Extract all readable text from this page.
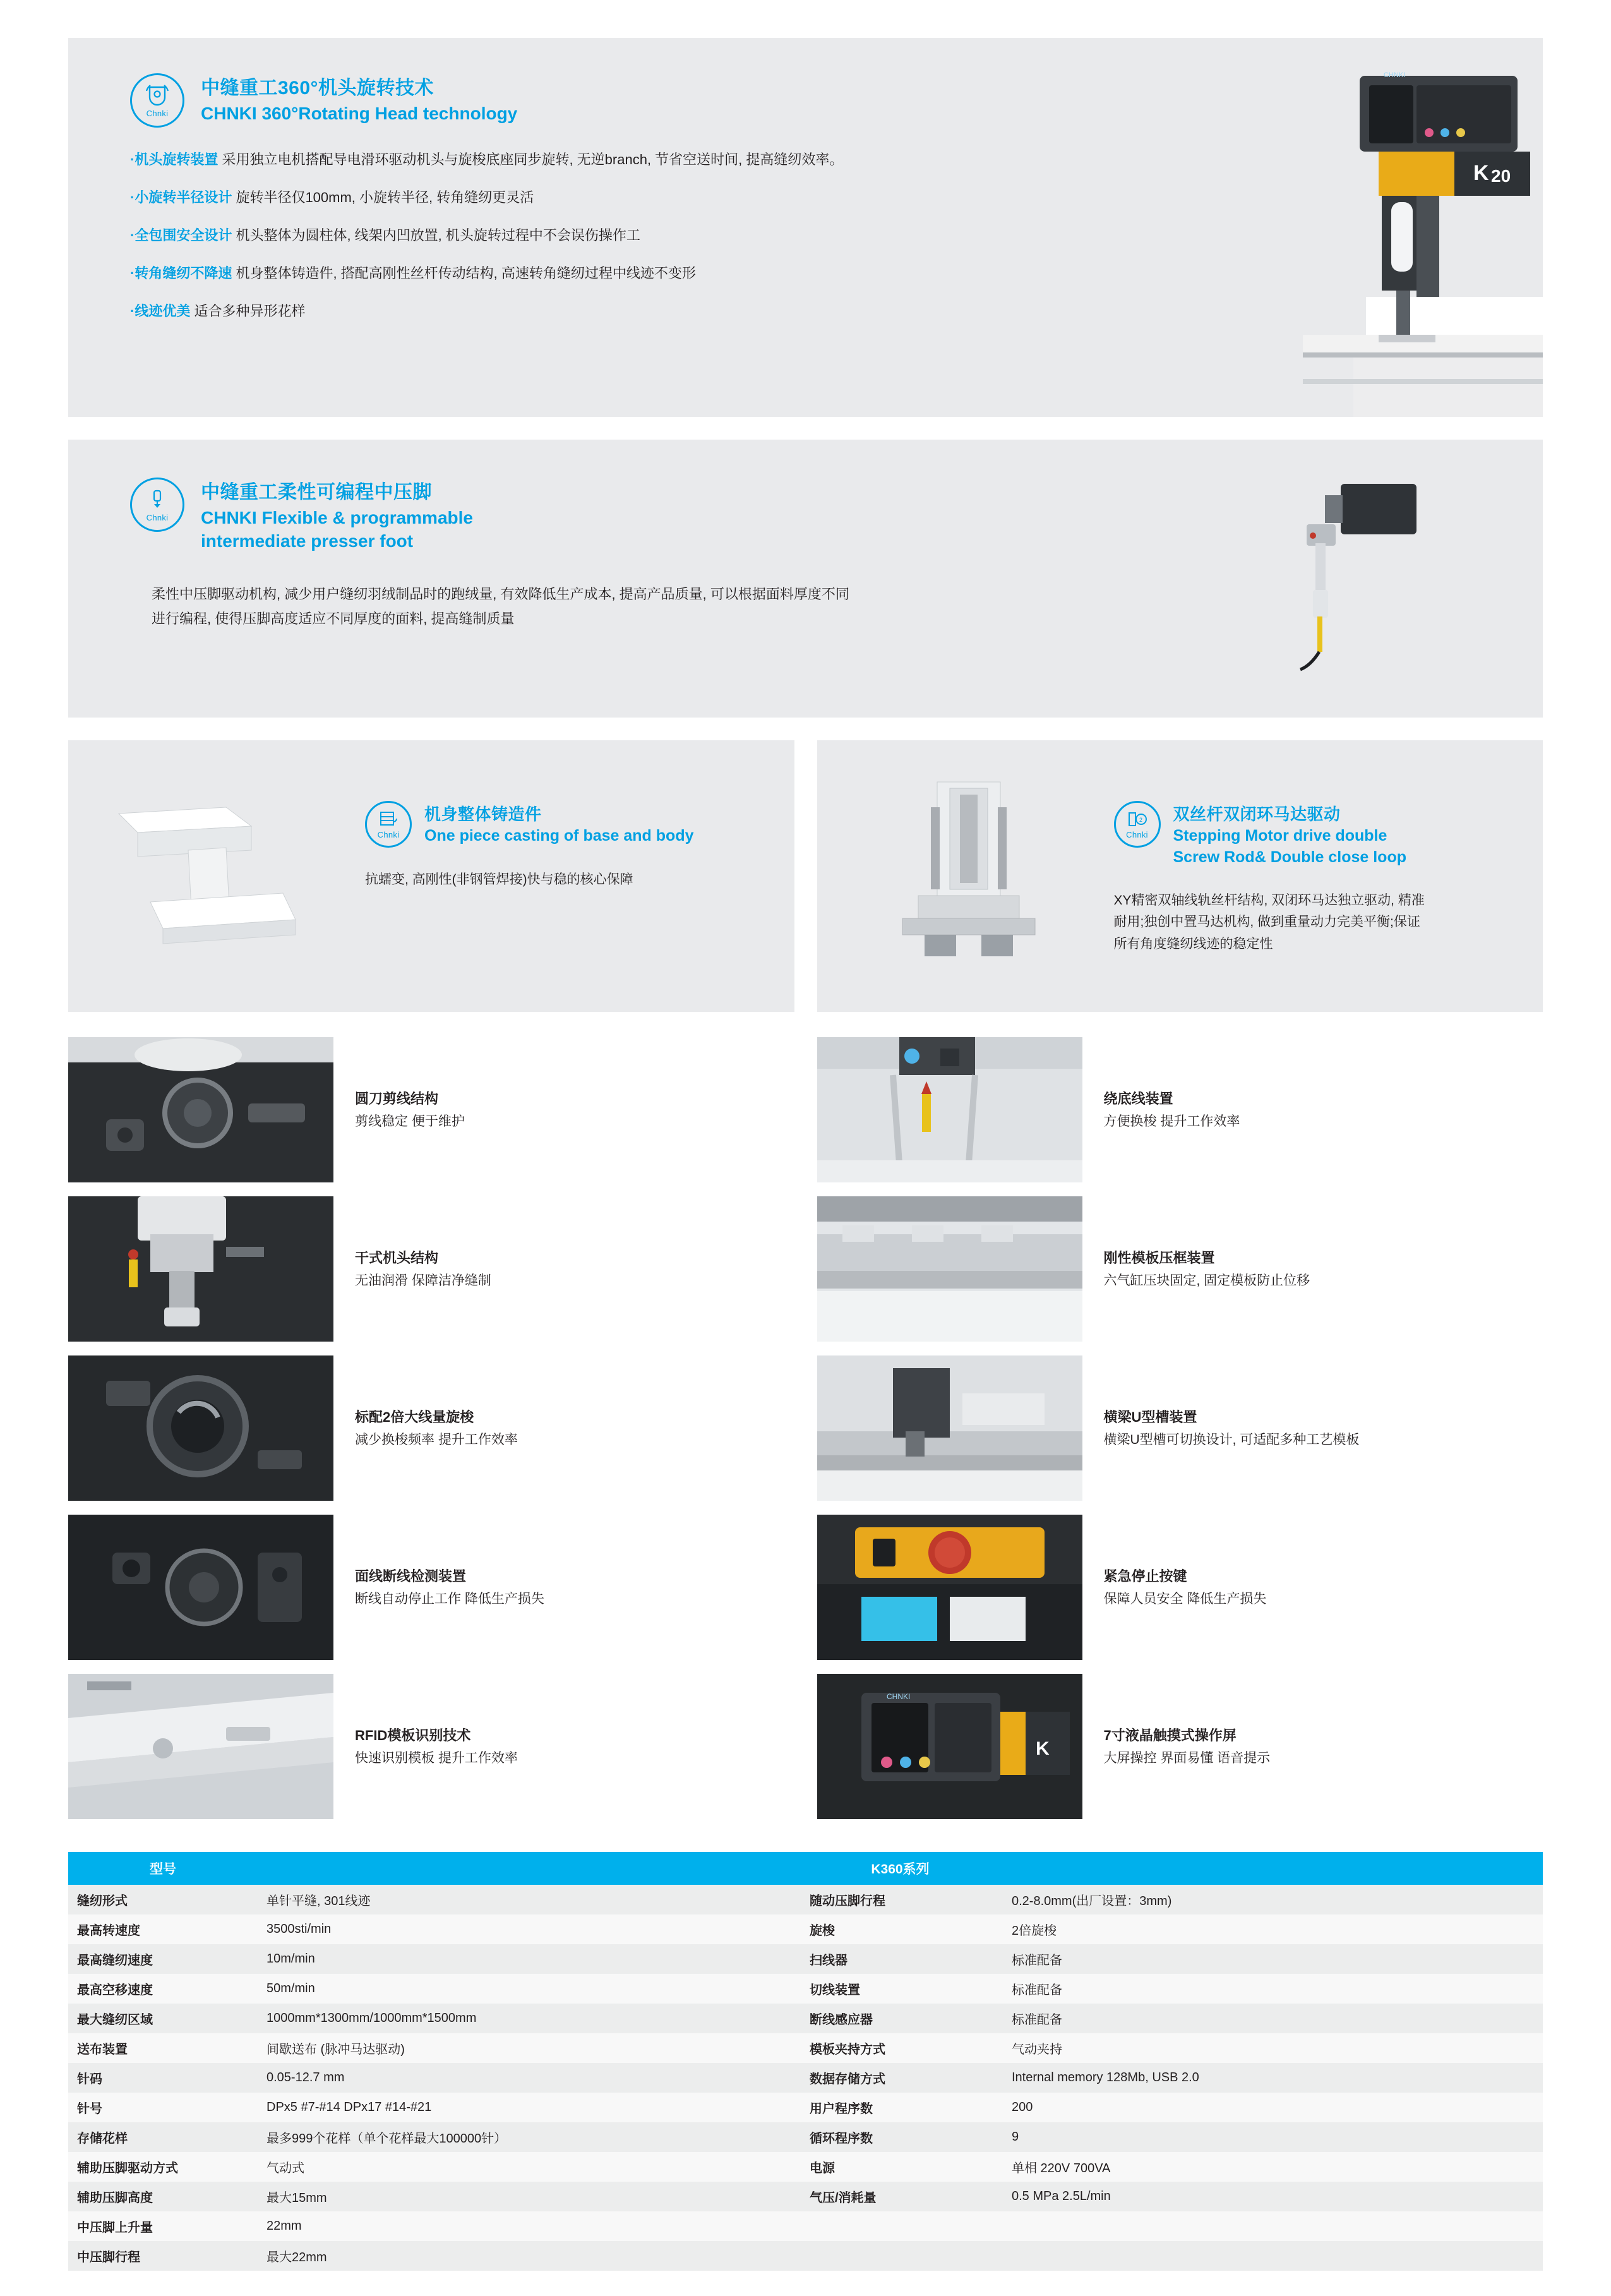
Chnki
中缝重工360°机头旋转技术
CHNKI 360°Rotating Head technology
·机头旋转装置 采用独立电机搭配导电滑环驱动机头与旋梭底座同步旋转, 无逆branch, 节省空送时间, 提高缝纫效率。
·小旋转半径设计 旋转半径仅100mm, 小旋转半径, 转角缝纫更灵活
·全包围安全设计 机头整体为圆柱体, 线架内凹放置, 机头旋转过程中不会误伤操作工
·转角缝纫不降速 机身整体铸造件, 搭配高刚性丝杆传动结构, 高速转角缝纫过程中线迹不变形
·线迹优美 适合多种异形花样
CHNKI
K 20
Chnki
中缝重工柔性可编程中压脚
CHNKI Flexible & programmable
intermediate presser foot
柔性中压脚驱动机构, 减少用户缝纫羽绒制品时的跑绒量, 有效降低生产成本, 提高产品质量, 可以根据面料厚度不同
进行编程, 使得压脚高度适应不同厚度的面料, 提高缝制质量
Chnki
机身整体铸造件
One piece casting of base and body
抗蠕变, 高刚性(非钢管焊接)快与稳的核心保障
2
Chnki
双丝杆双闭环马达驱动
Stepping Motor drive double
Screw Rod& Double close loop
XY精密双轴线轨丝杆结构, 双闭环马达独立驱动, 精准
耐用;独创中置马达机构, 做到重量动力完美平衡;保证
所有角度缝纫线迹的稳定性
圆刀剪线结构
剪线稳定 便于维护
干式机头结构
无油润滑 保障洁净缝制
标配2倍大线量旋梭
减少换梭频率 提升工作效率
面线断线检测装置
断线自动停止工作 降低生产损失
RFID模板识别技术
快速识别模板 提升工作效率
绕底线装置
方便换梭 提升工作效率
刚性模板压框装置
六气缸压块固定, 固定模板防止位移
横梁U型槽装置
横梁U型槽可切换设计, 可适配多种工艺模板
紧急停止按键
保障人员安全 降低生产损失
CHNKI
K
7寸液晶触摸式操作屏
大屏操控 界面易懂 语音提示
型号	K360系列		
缝纫形式	单针平缝, 301线迹	随动压脚行程	0.2-8.0mm(出厂设置：3mm)
最高转速度	3500sti/min	旋梭	2倍旋梭
最高缝纫速度	10m/min	扫线器	标准配备
最高空移速度	50m/min	切线装置	标准配备
最大缝纫区域	1000mm*1300mm/1000mm*1500mm	断线感应器	标准配备
送布装置	间歇送布 (脉冲马达驱动)	模板夹持方式	气动夹持
针码	0.05-12.7 mm	数据存储方式	Internal memory 128Mb, USB 2.0
针号	DPx5 #7-#14 DPx17 #14-#21	用户程序数	200
存储花样	最多999个花样（单个花样最大100000针）	循环程序数	9
辅助压脚驱动方式	气动式	电源	单相 220V 700VA
辅助压脚高度	最大15mm	气压/消耗量	0.5 MPa 2.5L/min
中压脚上升量	22mm		
中压脚行程	最大22mm		
